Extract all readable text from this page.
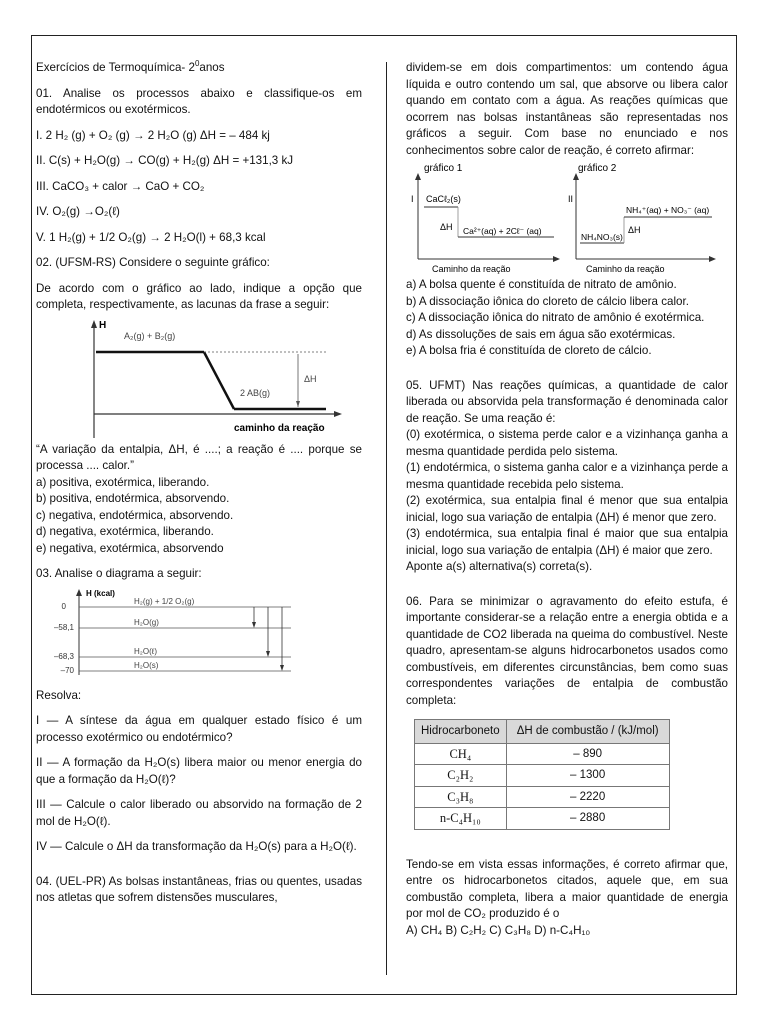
Exercícios de Termoquímica- $2^0anos$

01. Analise os processos abaixo e classifique-os em endotérmicos ou exotérmicos.

I. 2 H₂ (g) + O₂ (g) → 2 H₂O (g) ΔH = – 484 kj

II. C(s) + H₂O(g) → CO(g) + H₂(g) ΔH = +131,3 kJ

III. CaCO₃ + calor → CaO + CO₂

IV. O₂(g) →O₂(ℓ)

V. 1 H₂(g) + 1/2 O₂(g) → 2 H₂O(l) + 68,3 kcal

02. (UFSM-RS) Considere o seguinte gráfico:

De acordo com o gráfico ao lado, indique a opção que completa, respectivamente, as lacunas da frase a seguir:

H
A₂(g) + B₂(g)
2 AB(g)
ΔH
caminho da reação

“A variação da entalpia, ΔH, é ....; a reação é .... porque se processa .... calor.”

a) positiva, exotérmica, liberando.

b) positiva, endotérmica, absorvendo.

c) negativa, endotérmica, absorvendo.

d) negativa, exotérmica, liberando.

e) negativa, exotérmica, absorvendo

03. Analise o diagrama a seguir:

H (kcal)
0
–58,1
–68,3
–70
H₂(g) + 1/2 O₂(g)
H₂O(g)
H₂O(ℓ)
H₂O(s)

Resolva:

I — A síntese da água em qualquer estado físico é um processo exotérmico ou endotérmico?

II — A formação da H₂O(s) libera maior ou menor energia do que a formação da H₂O(ℓ)?

III — Calcule o calor liberado ou absorvido na formação de 2 mol de H₂O(ℓ).

IV — Calcule o ΔH da transformação da H₂O(s) para a H₂O(ℓ).

04. (UEL-PR) As bolsas instantâneas, frias ou quentes, usadas nos atletas que sofrem distensões musculares,

dividem-se em dois compartimentos: um contendo água líquida e outro contendo um sal, que absorve ou libera calor quando em contato com a água. As reações químicas que ocorrem nas bolsas instantâneas são representadas nos gráficos a seguir. Com base no enunciado e nos conhecimentos sobre calor de reação, é correto afirmar:

gráfico 1
I CaCℓ₂(s)
ΔH Ca²⁺(aq) + 2Cℓ⁻ (aq)
Caminho da reação
gráfico 2
II
NH₄⁺(aq) + NO₃⁻ (aq)
ΔH
NH₄NO₃(s)
Caminho da reação

a) A bolsa quente é constituída de nitrato de amônio.

b) A dissociação iônica do cloreto de cálcio libera calor.

c) A dissociação iônica do nitrato de amônio é exotérmica.

d) As dissoluções de sais em água são exotérmicas.

e) A bolsa fria é constituída de cloreto de cálcio.

05. UFMT) Nas reações químicas, a quantidade de calor liberada ou absorvida pela transformação é denominada calor de reação. Se uma reação é:

(0) exotérmica, o sistema perde calor e a vizinhança ganha a mesma quantidade perdida pelo sistema.

(1) endotérmica, o sistema ganha calor e a vizinhança perde a mesma quantidade recebida pelo sistema.

(2) exotérmica, sua entalpia final é menor que sua entalpia inicial, logo sua variação de entalpia (ΔH) é menor que zero.

(3) endotérmica, sua entalpia final é maior que sua entalpia inicial, logo sua variação de entalpia (ΔH) é maior que zero.

Aponte a(s) alternativa(s) correta(s).

06. Para se minimizar o agravamento do efeito estufa, é importante considerar-se a relação entre a energia obtida e a quantidade de CO2 liberada na queima do combustível. Neste quadro, apresentam-se alguns hidrocarbonetos usados como combustíveis, em diferentes circunstâncias, bem como suas correspondentes variações de entalpia de combustão completa:

Hidrocarboneto	ΔH de combustão / (kJ/mol)
CH₄	– 890
C₂H₂	– 1300
C₃H₈	– 2220
n-C₄H₁₀	– 2880

Tendo-se em vista essas informações, é correto afirmar que, entre os hidrocarbonetos citados, aquele que, em sua combustão completa, libera a maior quantidade de energia por mol de CO₂ produzido é o

A) CH₄ B) C₂H₂ C) C₃H₈ D) n-C₄H₁₀
